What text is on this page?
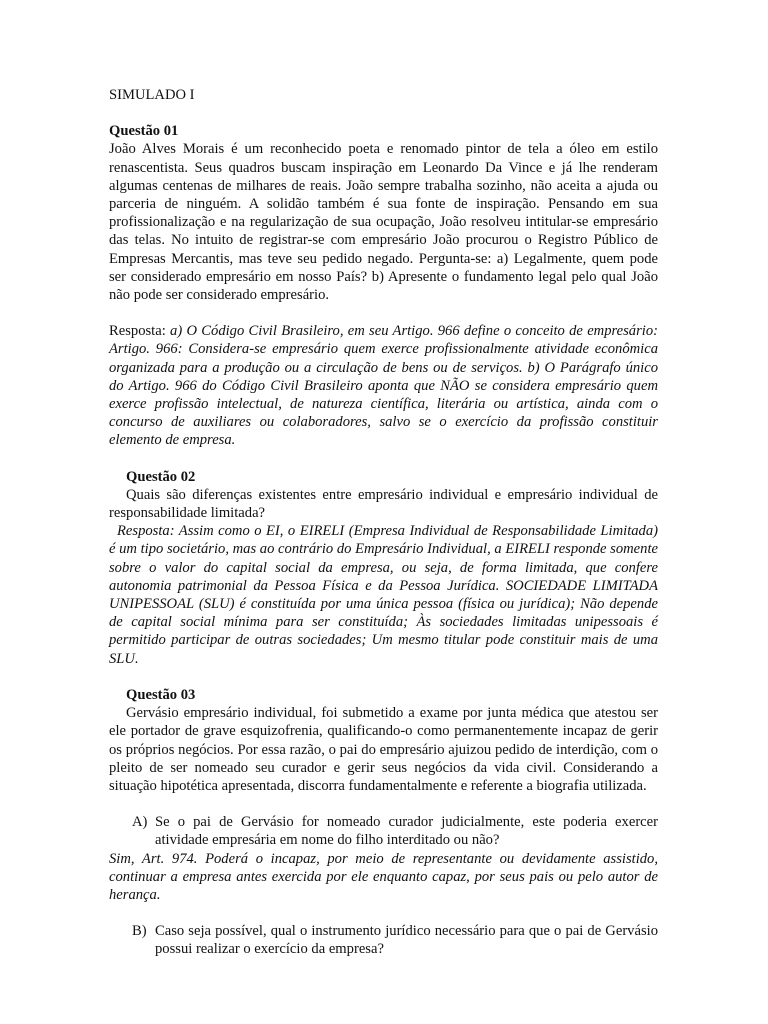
SIMULADO I

Questão 01

João Alves Morais é um reconhecido poeta e renomado pintor de tela a óleo em estilo renascentista. Seus quadros buscam inspiração em Leonardo Da Vince e já lhe renderam algumas centenas de milhares de reais. João sempre trabalha sozinho, não aceita a ajuda ou parceria de ninguém. A solidão também é sua fonte de inspiração. Pensando em sua profissionalização e na regularização de sua ocupação, João resolveu intitular-se empresário das telas. No intuito de registrar-se com empresário João procurou o Registro Público de Empresas Mercantis, mas teve seu pedido negado. Pergunta-se: a) Legalmente, quem pode ser considerado empresário em nosso País? b) Apresente o fundamento legal pelo qual João não pode ser considerado empresário.

Resposta: a) O Código Civil Brasileiro, em seu Artigo. 966 define o conceito de empresário: Artigo. 966: Considera-se empresário quem exerce profissionalmente atividade econômica organizada para a produção ou a circulação de bens ou de serviços. b) O Parágrafo único do Artigo. 966 do Código Civil Brasileiro aponta que NÃO se considera empresário quem exerce profissão intelectual, de natureza científica, literária ou artística, ainda com o concurso de auxiliares ou colaboradores, salvo se o exercício da profissão constituir elemento de empresa.

Questão 02

Quais são diferenças existentes entre empresário individual e empresário individual de responsabilidade limitada?

Resposta: Assim como o EI, o EIRELI (Empresa Individual de Responsabilidade Limitada) é um tipo societário, mas ao contrário do Empresário Individual, a EIRELI responde somente sobre o valor do capital social da empresa, ou seja, de forma limitada, que confere autonomia patrimonial da Pessoa Física e da Pessoa Jurídica. SOCIEDADE LIMITADA UNIPESSOAL (SLU) é constituída por uma única pessoa (física ou jurídica); Não depende de capital social mínima para ser constituída; Às sociedades limitadas unipessoais é permitido participar de outras sociedades; Um mesmo titular pode constituir mais de uma SLU.

Questão 03

Gervásio empresário individual, foi submetido a exame por junta médica que atestou ser ele portador de grave esquizofrenia, qualificando-o como permanentemente incapaz de gerir os próprios negócios. Por essa razão, o pai do empresário ajuizou pedido de interdição, com o pleito de ser nomeado seu curador e gerir seus negócios da vida civil. Considerando a situação hipotética apresentada, discorra fundamentalmente e referente a biografia utilizada.

A) Se o pai de Gervásio for nomeado curador judicialmente, este poderia exercer atividade empresária em nome do filho interditado ou não?

Sim, Art. 974. Poderá o incapaz, por meio de representante ou devidamente assistido, continuar a empresa antes exercida por ele enquanto capaz, por seus pais ou pelo autor de herança.

B) Caso seja possível, qual o instrumento jurídico necessário para que o pai de Gervásio possui realizar o exercício da empresa?
